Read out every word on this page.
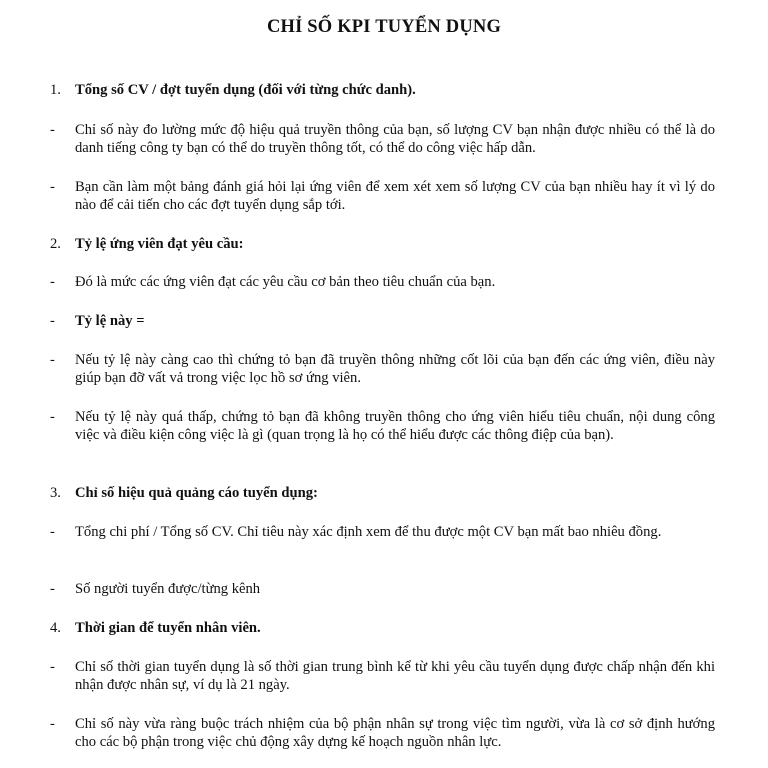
CHỈ SỐ KPI TUYỂN DỤNG
1. Tổng số CV / đợt tuyển dụng (đối với từng chức danh).
- Chỉ số này đo lường mức độ hiệu quả truyền thông của bạn, số lượng CV bạn nhận được nhiều có thể là do danh tiếng công ty bạn có thể do truyền thông tốt, có thể do công việc hấp dẫn.
- Bạn cần làm một bảng đánh giá hỏi lại ứng viên để xem xét xem số lượng CV của bạn nhiều hay ít vì lý do nào để cải tiến cho các đợt tuyển dụng sắp tới.
2. Tỷ lệ ứng viên đạt yêu cầu:
- Đó là mức các ứng viên đạt các yêu cầu cơ bản theo tiêu chuẩn của bạn.
- Tỷ lệ này =
- Nếu tỷ lệ này càng cao thì chứng tỏ bạn đã truyền thông những cốt lõi của bạn đến các ứng viên, điều này giúp bạn đỡ vất vả trong việc lọc hồ sơ ứng viên.
- Nếu tỷ lệ này quá thấp, chứng tỏ bạn đã không truyền thông cho ứng viên hiểu tiêu chuẩn, nội dung công việc và điều kiện công việc là gì (quan trọng là họ có thể hiểu được các thông điệp của bạn).
3. Chỉ số hiệu quả quảng cáo tuyển dụng:
- Tổng chi phí / Tổng số CV. Chỉ tiêu này xác định xem để thu được một CV bạn mất bao nhiêu đồng.
- Số người tuyển được/từng kênh
4. Thời gian để tuyển nhân viên.
- Chỉ số thời gian tuyển dụng là số thời gian trung bình kể từ khi yêu cầu tuyển dụng được chấp nhận đến khi nhận được nhân sự, ví dụ là 21 ngày.
- Chỉ số này vừa ràng buộc trách nhiệm của bộ phận nhân sự trong việc tìm người, vừa là cơ sở định hướng cho các bộ phận trong việc chủ động xây dựng kế hoạch nguồn nhân lực.
